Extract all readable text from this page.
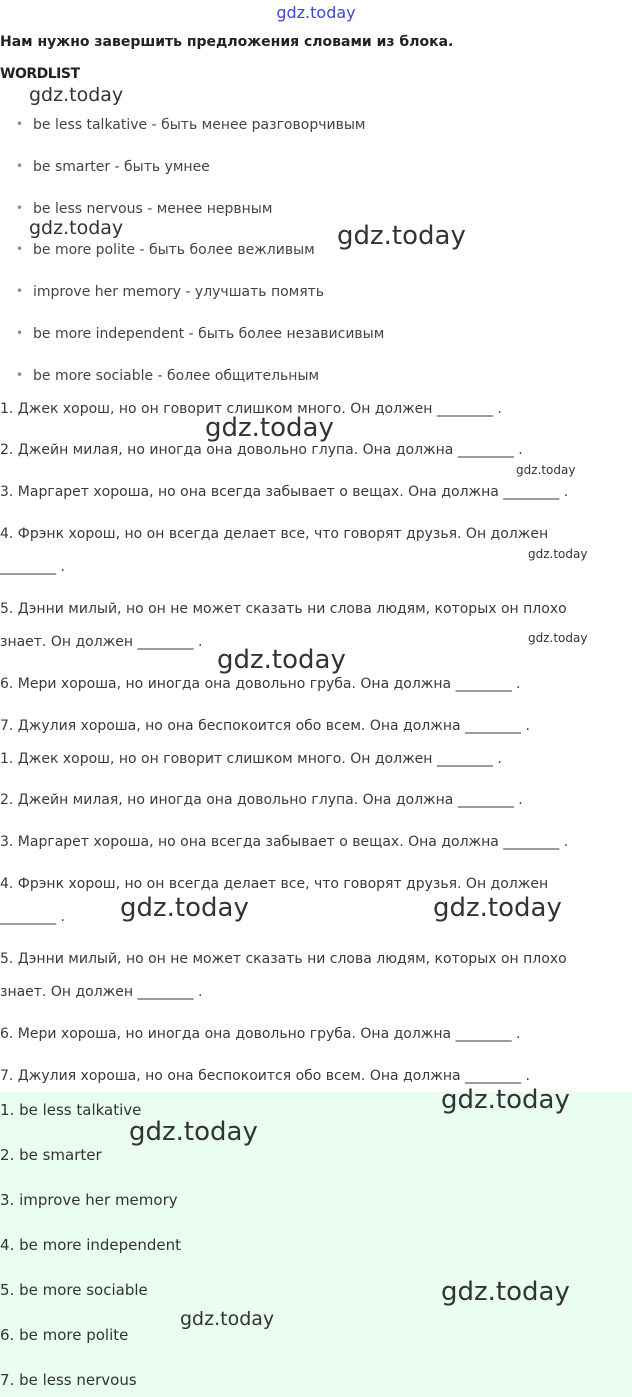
gdz.today
Нам нужно завершить предложения словами из блока.
WORDLIST
• be less talkative - быть менее разговорчивым
• be smarter - быть умнее
• be less nervous - менее нервным
• be more polite - быть более вежливым
• improve her memory - улучшать помять
• be more independent - быть более независивым
• be more sociable - более общительным
1. Джек хорош, но он говорит слишком много. Он должен ________ .
2. Джейн милая, но иногда она довольно глупа. Она должна ________ .
3. Маргарет хороша, но она всегда забывает о вещах. Она должна ________ .
4. Фрэнк хорош, но он всегда делает все, что говорят друзья. Он должен
________ .
5. Дэнни милый, но он не может сказать ни слова людям, которых он плохо
знает. Он должен ________ .
6. Мери хороша, но иногда она довольно груба. Она должна ________ .
7. Джулия хороша, но она беспокоится обо всем. Она должна ________ .
1. Джек хорош, но он говорит слишком много. Он должен ________ .
2. Джейн милая, но иногда она довольно глупа. Она должна ________ .
3. Маргарет хороша, но она всегда забывает о вещах. Она должна ________ .
4. Фрэнк хорош, но он всегда делает все, что говорят друзья. Он должен
________ .
5. Дэнни милый, но он не может сказать ни слова людям, которых он плохо
знает. Он должен ________ .
6. Мери хороша, но иногда она довольно груба. Она должна ________ .
7. Джулия хороша, но она беспокоится обо всем. Она должна ________ .
1. be less talkative
2. be smarter
3. improve her memory
4. be more independent
5. be more sociable
6. be more polite
7. be less nervous
gdz.today
gdz.today	gdz.today
gdz.today
gdz.today
gdz.today
gdz.today
gdz.today
gdz.today	gdz.today
gdz.today
gdz.today
gdz.today
gdz.today
